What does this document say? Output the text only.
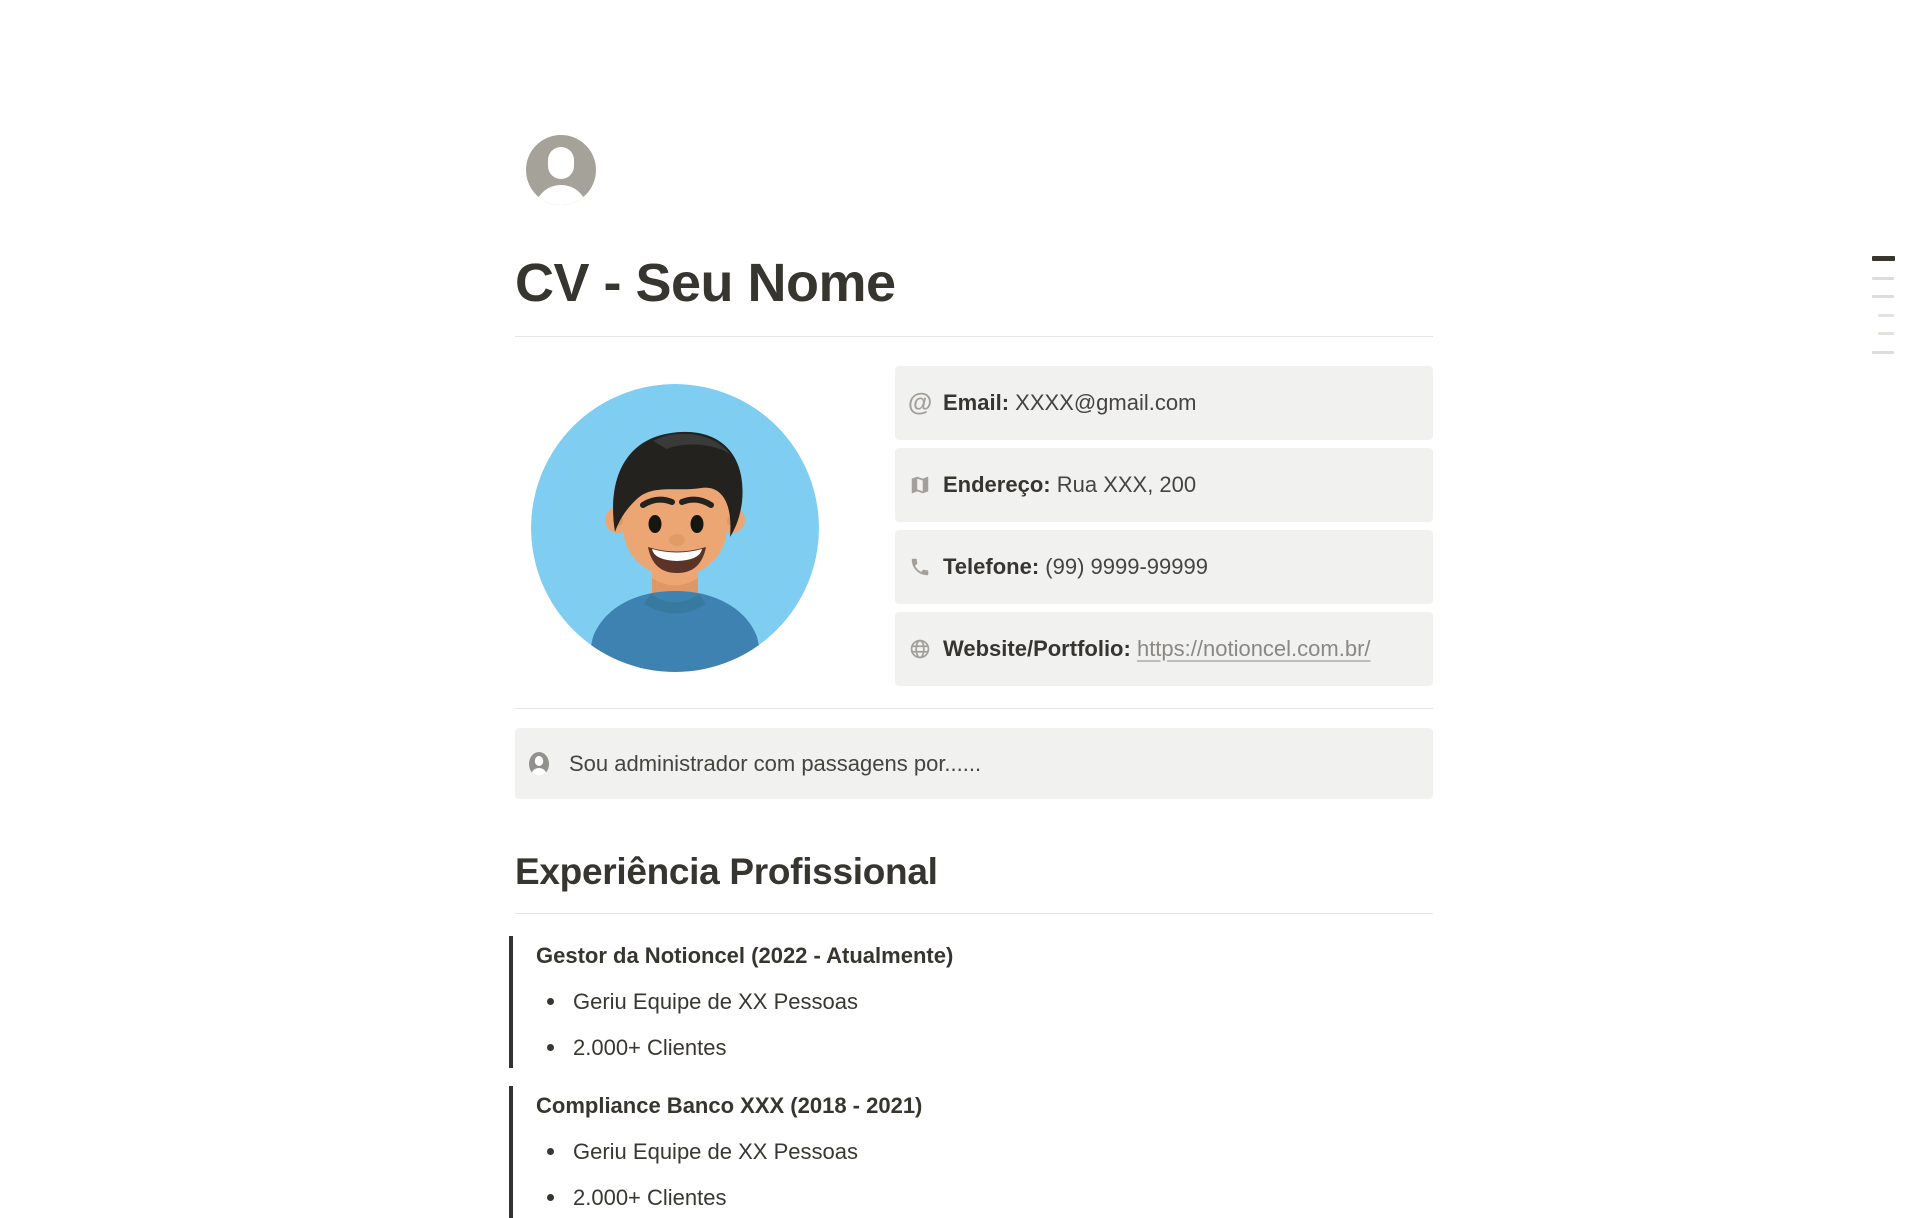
CV - Seu Nome
@ Email: XXXX@gmail.com
Endereço: Rua XXX, 200
Telefone: (99) 9999-99999
Website/Portfolio: https://notioncel.com.br/
Sou administrador com passagens por......
Experiência Profissional

Gestor da Notioncel (2022 - Atualmente)

Geriu Equipe de XX Pessoas
2.000+ Clientes

Compliance Banco XXX (2018 - 2021)

Geriu Equipe de XX Pessoas
2.000+ Clientes
